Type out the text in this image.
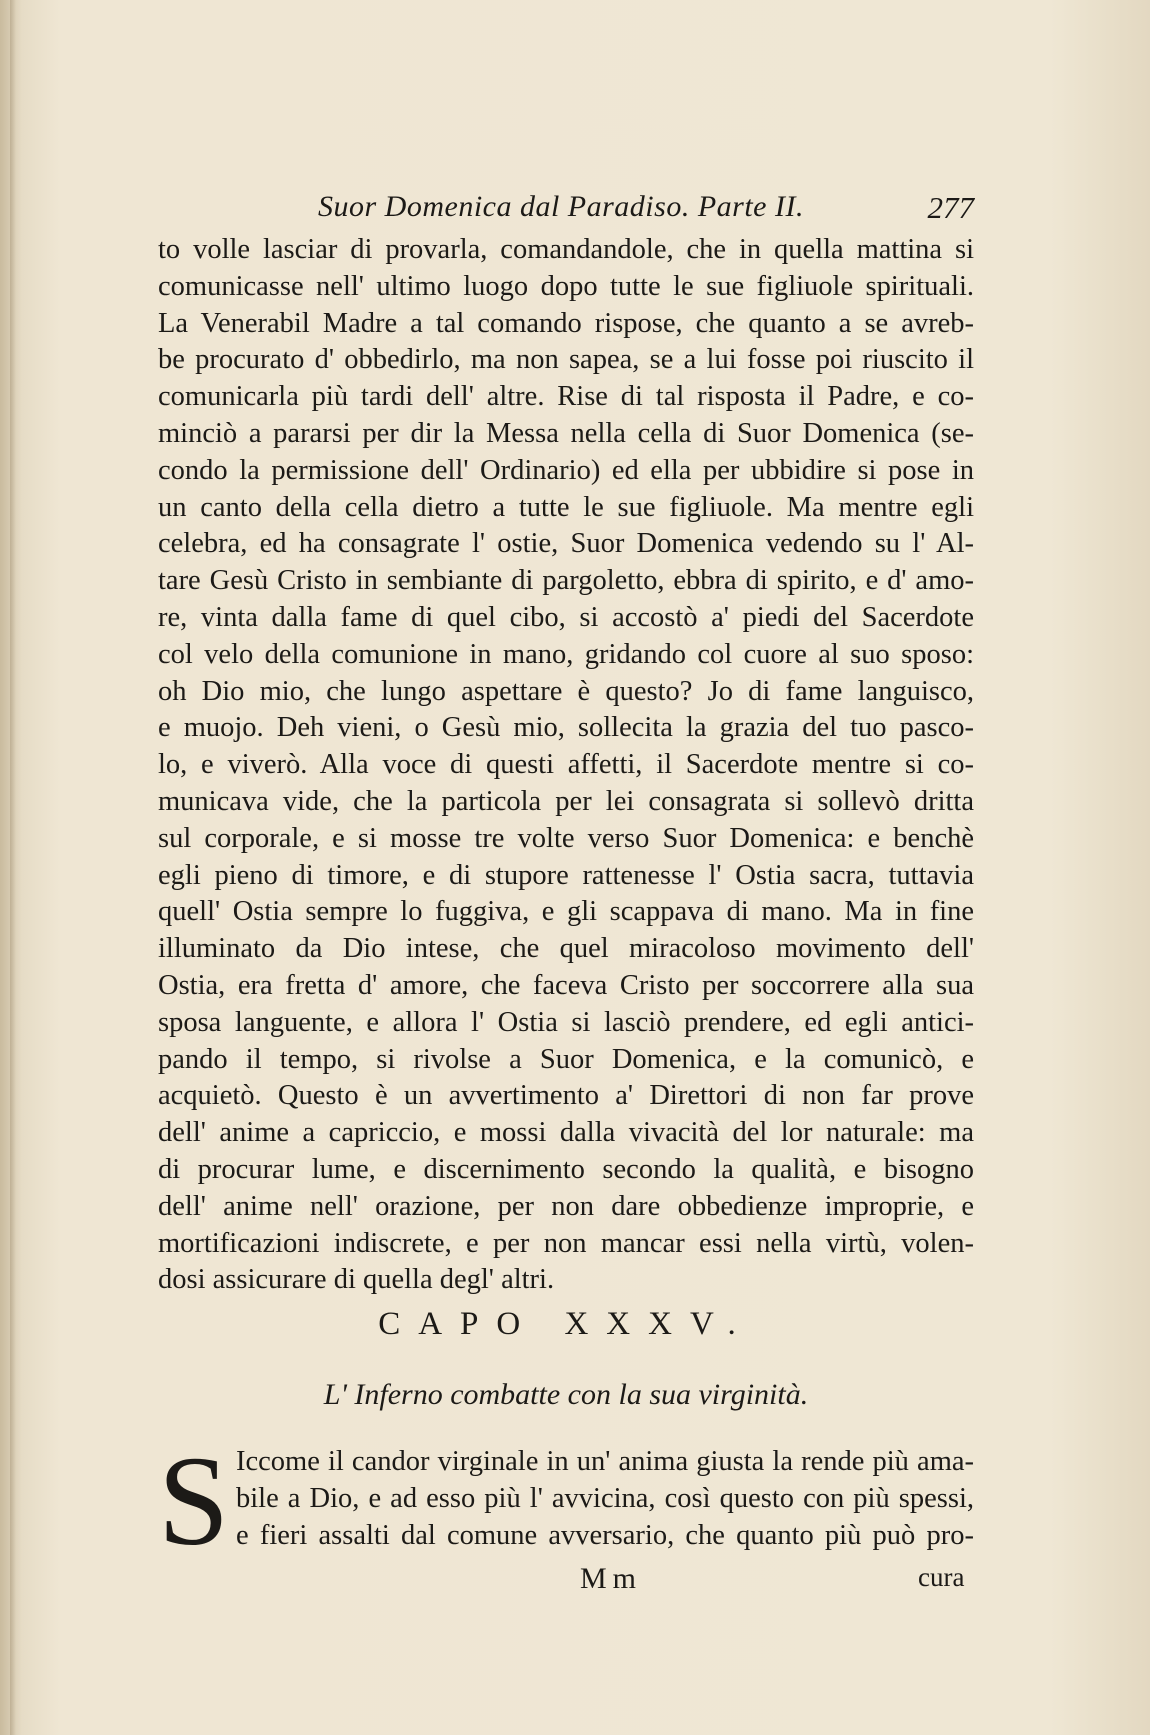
Suor Domenica dal Paradiso. Parte II.	277
to volle lasciar di provarla, comandandole, che in quella mattina si
comunicasse nell' ultimo luogo dopo tutte le sue figliuole spirituali.
La Venerabil Madre a tal comando rispose, che quanto a se avreb-
be procurato d' obbedirlo, ma non sapea, se a lui fosse poi riuscito il
comunicarla più tardi dell' altre. Rise di tal risposta il Padre, e co-
minciò a pararsi per dir la Messa nella cella di Suor Domenica (se-
condo la permissione dell' Ordinario) ed ella per ubbidire si pose in
un canto della cella dietro a tutte le sue figliuole. Ma mentre egli
celebra, ed ha consagrate l' ostie, Suor Domenica vedendo su l' Al-
tare Gesù Cristo in sembiante di pargoletto, ebbra di spirito, e d' amo-
re, vinta dalla fame di quel cibo, si accostò a' piedi del Sacerdote
col velo della comunione in mano, gridando col cuore al suo sposo:
oh Dio mio, che lungo aspettare è questo? Jo di fame languisco,
e muojo. Deh vieni, o Gesù mio, sollecita la grazia del tuo pasco-
lo, e viverò. Alla voce di questi affetti, il Sacerdote mentre si co-
municava vide, che la particola per lei consagrata si sollevò dritta
sul corporale, e si mosse tre volte verso Suor Domenica: e benchè
egli pieno di timore, e di stupore rattenesse l' Ostia sacra, tuttavia
quell' Ostia sempre lo fuggiva, e gli scappava di mano. Ma in fine
illuminato da Dio intese, che quel miracoloso movimento dell'
Ostia, era fretta d' amore, che faceva Cristo per soccorrere alla sua
sposa languente, e allora l' Ostia si lasciò prendere, ed egli antici-
pando il tempo, si rivolse a Suor Domenica, e la comunicò, e
acquietò. Questo è un avvertimento a' Direttori di non far prove
dell' anime a capriccio, e mossi dalla vivacità del lor naturale: ma
di procurar lume, e discernimento secondo la qualità, e bisogno
dell' anime nell' orazione, per non dare obbedienze improprie, e
mortificazioni indiscrete, e per non mancar essi nella virtù, volen-
dosi assicurare di quella degl' altri.
CAPO XXXV.
L' Inferno combatte con la sua virginità.
S Iccome il candor virginale in un' anima giusta la rende più ama-
bile a Dio, e ad esso più l' avvicina, così questo con più spessi,
e fieri assalti dal comune avversario, che quanto più può pro-
Mm	cura
